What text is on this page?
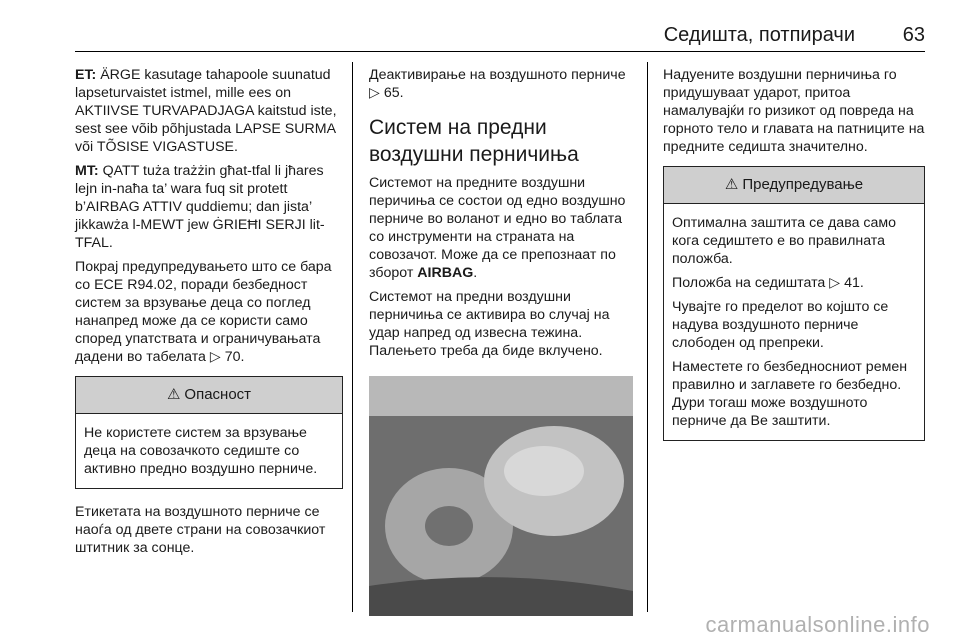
Седишта, потпирачи 63

ET: ÄRGE kasutage tahapoole suunatud lapseturvaistet istmel, mille ees on AKTIIVSE TURVAPADJAGA kaitstud iste, sest see võib põhjustada LAPSE SURMA või TÕSISE VIGASTUSE.

MT: QATT tuża trażżin għat-tfal li jħares lejn in-naħa ta’ wara fuq sit protett b’AIRBAG ATTIV quddiemu; dan jista’ jikkawża l-MEWT jew ĠRIEĦI SERJI lit-TFAL.

Покрај предупредувањето што се бара со ECE R94.02, поради безбедност систем за врзување деца со поглед нанапред може да се користи само според упатствата и ограничувањата дадени во табелата ▷ 70.

⚠ Опасност

Не користете систем за врзување деца на совозачкото седиште со активно предно воздушно перниче.

Етикетата на воздушното перниче се наоѓа од двете страни на совозачкиот штитник за сонце.

Деактивирање на воздушното перниче ▷ 65.

Систем на предни воздушни перничиња

Системот на предните воздушни перичиња се состои од едно воздушно перниче во воланот и едно во таблата со инструменти на страната на совозачот. Може да се препознаат по зборот AIRBAG.

Системот на предни воздушни перничиња се активира во случај на удар напред од извесна тежина. Палењето треба да биде вклучено.

Надуените воздушни перничиња го придушуваат ударот, притоа намалувајќи го ризикот од повреда на горното тело и главата на патниците на предните седишта значително.

⚠ Предупредување

Оптимална заштита се дава само кога седиштето е во правилната положба.

Положба на седиштата ▷ 41.

Чувајте го пределот во којшто се надува воздушното перниче слободен од препреки.

Наместете го безбедносниот ремен правилно и заглавете го безбедно. Дури тогаш може воздушното перниче да Ве заштити.

carmanualsonline.info
